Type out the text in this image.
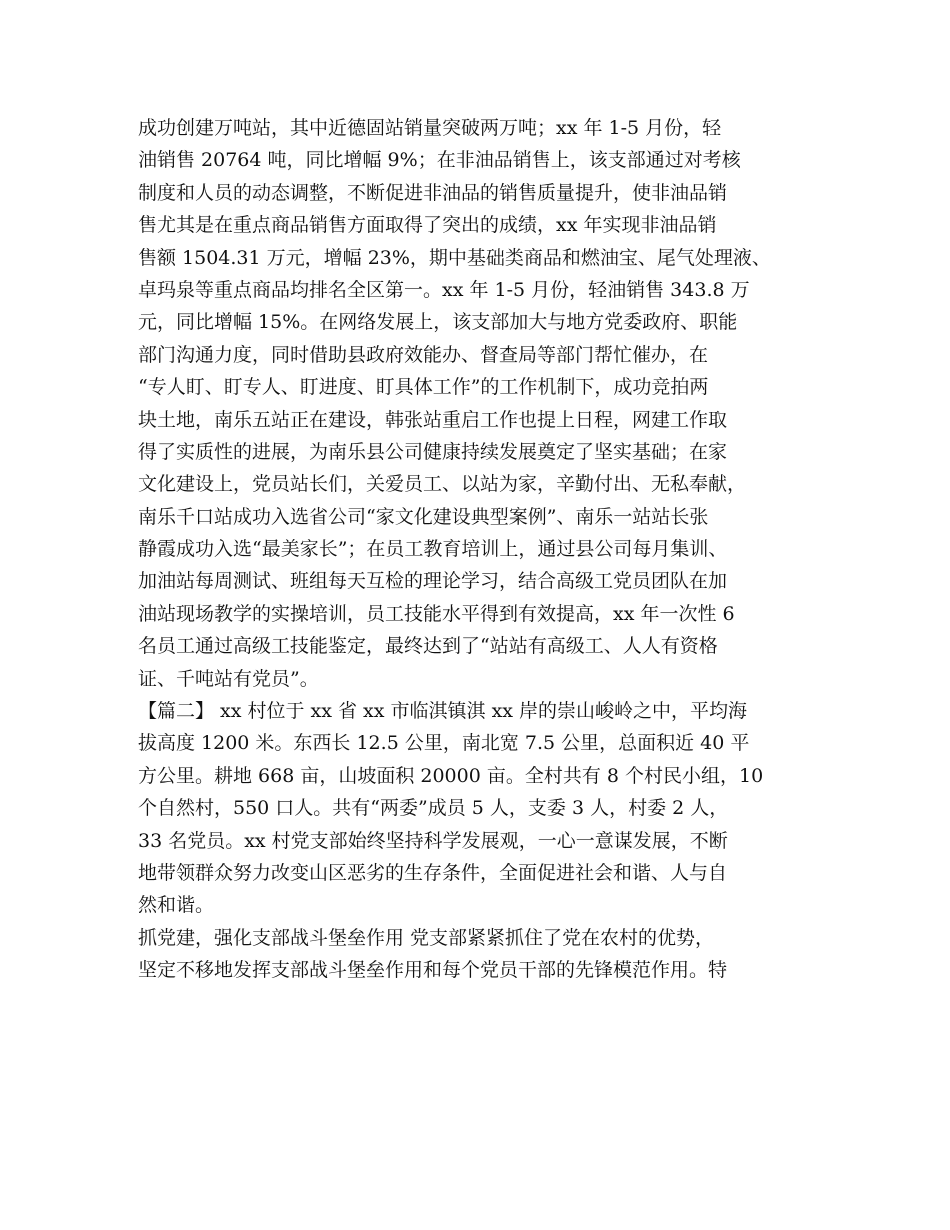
成功创建万吨站，其中近德固站销量突破两万吨；xx 年 1-5 月份，轻
油销售 20764 吨，同比增幅 9%；在非油品销售上，该支部通过对考核
制度和人员的动态调整，不断促进非油品的销售质量提升，使非油品销
售尤其是在重点商品销售方面取得了突出的成绩，xx 年实现非油品销
售额 1504.31 万元，增幅 23%，期中基础类商品和燃油宝、尾气处理液、
卓玛泉等重点商品均排名全区第一。xx 年 1-5 月份，轻油销售 343.8 万
元，同比增幅 15%。在网络发展上，该支部加大与地方党委政府、职能
部门沟通力度，同时借助县政府效能办、督查局等部门帮忙催办，在
“专人盯、盯专人、盯进度、盯具体工作”的工作机制下，成功竞拍两
块土地，南乐五站正在建设，韩张站重启工作也提上日程，网建工作取
得了实质性的进展，为南乐县公司健康持续发展奠定了坚实基础；在家
文化建设上，党员站长们，关爱员工、以站为家，辛勤付出、无私奉献，
南乐千口站成功入选省公司“家文化建设典型案例”、南乐一站站长张
静霞成功入选“最美家长”；在员工教育培训上，通过县公司每月集训、
加油站每周测试、班组每天互检的理论学习，结合高级工党员团队在加
油站现场教学的实操培训，员工技能水平得到有效提高，xx 年一次性 6
名员工通过高级工技能鉴定，最终达到了“站站有高级工、人人有资格
证、千吨站有党员”。
【篇二】 xx 村位于 xx 省 xx 市临淇镇淇 xx 岸的崇山峻岭之中，平均海
拔高度 1200 米。东西长 12.5 公里，南北宽 7.5 公里，总面积近 40 平
方公里。耕地 668 亩，山坡面积 20000 亩。全村共有 8 个村民小组，10
个自然村，550 口人。共有“两委”成员 5 人，支委 3 人，村委 2 人，
33 名党员。xx 村党支部始终坚持科学发展观，一心一意谋发展，不断
地带领群众努力改变山区恶劣的生存条件，全面促进社会和谐、人与自
然和谐。
抓党建，强化支部战斗堡垒作用 党支部紧紧抓住了党在农村的优势，
坚定不移地发挥支部战斗堡垒作用和每个党员干部的先锋模范作用。特
